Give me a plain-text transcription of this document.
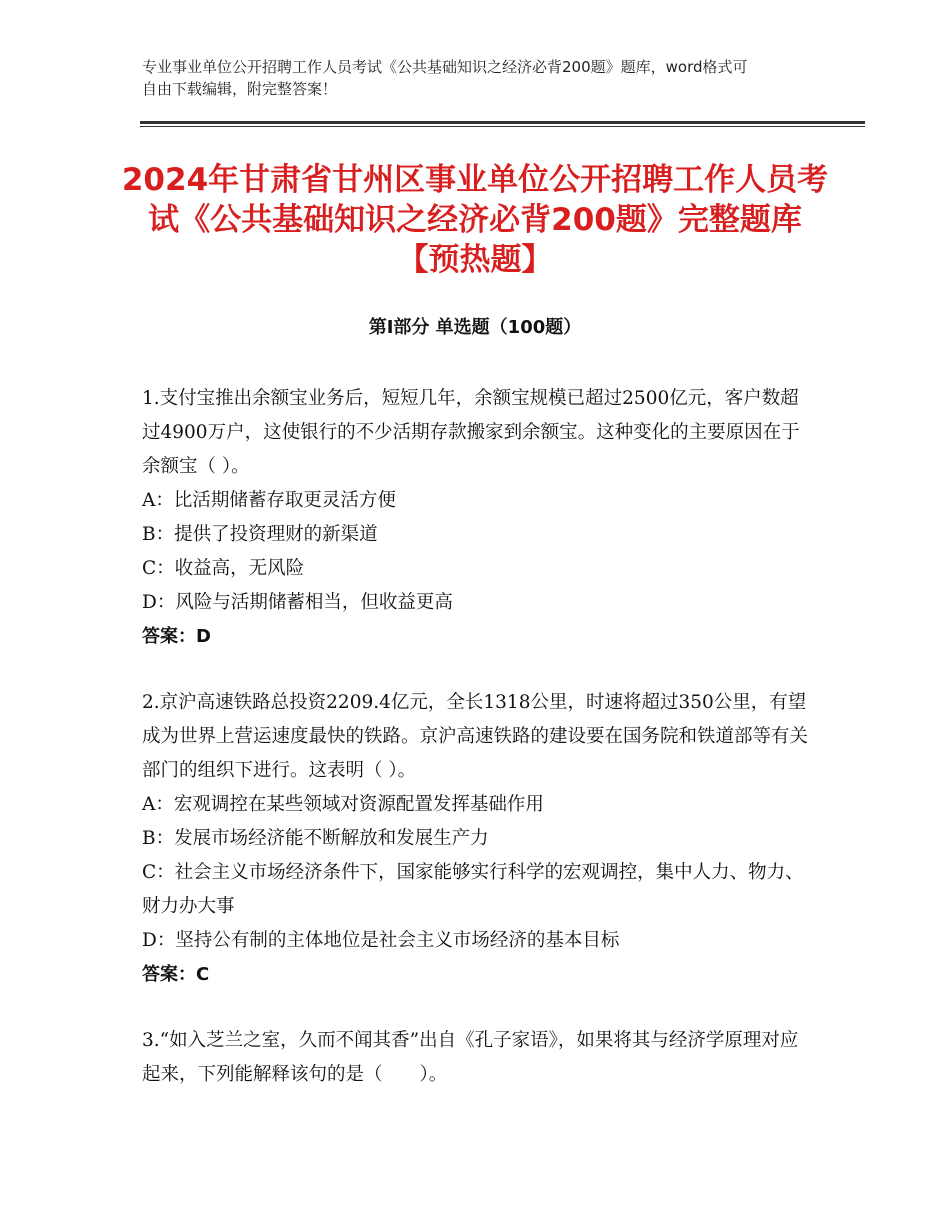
专业事业单位公开招聘工作人员考试《公共基础知识之经济必背200题》题库，word格式可自由下载编辑，附完整答案！
2024年甘肃省甘州区事业单位公开招聘工作人员考试《公共基础知识之经济必背200题》完整题库【预热题】
第Ⅰ部分 单选题（100题）

1.支付宝推出余额宝业务后，短短几年，余额宝规模已超过2500亿元，客户数超过4900万户，这使银行的不少活期存款搬家到余额宝。这种变化的主要原因在于余额宝（ ）。

A：比活期储蓄存取更灵活方便

B：提供了投资理财的新渠道

C：收益高，无风险

D：风险与活期储蓄相当，但收益更高

答案：D

2.京沪高速铁路总投资2209.4亿元，全长1318公里，时速将超过350公里，有望成为世界上营运速度最快的铁路。京沪高速铁路的建设要在国务院和铁道部等有关部门的组织下进行。这表明（ ）。

A：宏观调控在某些领域对资源配置发挥基础作用

B：发展市场经济能不断解放和发展生产力

C：社会主义市场经济条件下，国家能够实行科学的宏观调控，集中人力、物力、财力办大事

D：坚持公有制的主体地位是社会主义市场经济的基本目标

答案：C

3.“如入芝兰之室，久而不闻其香”出自《孔子家语》，如果将其与经济学原理对应起来，下列能解释该句的是（　　）。
